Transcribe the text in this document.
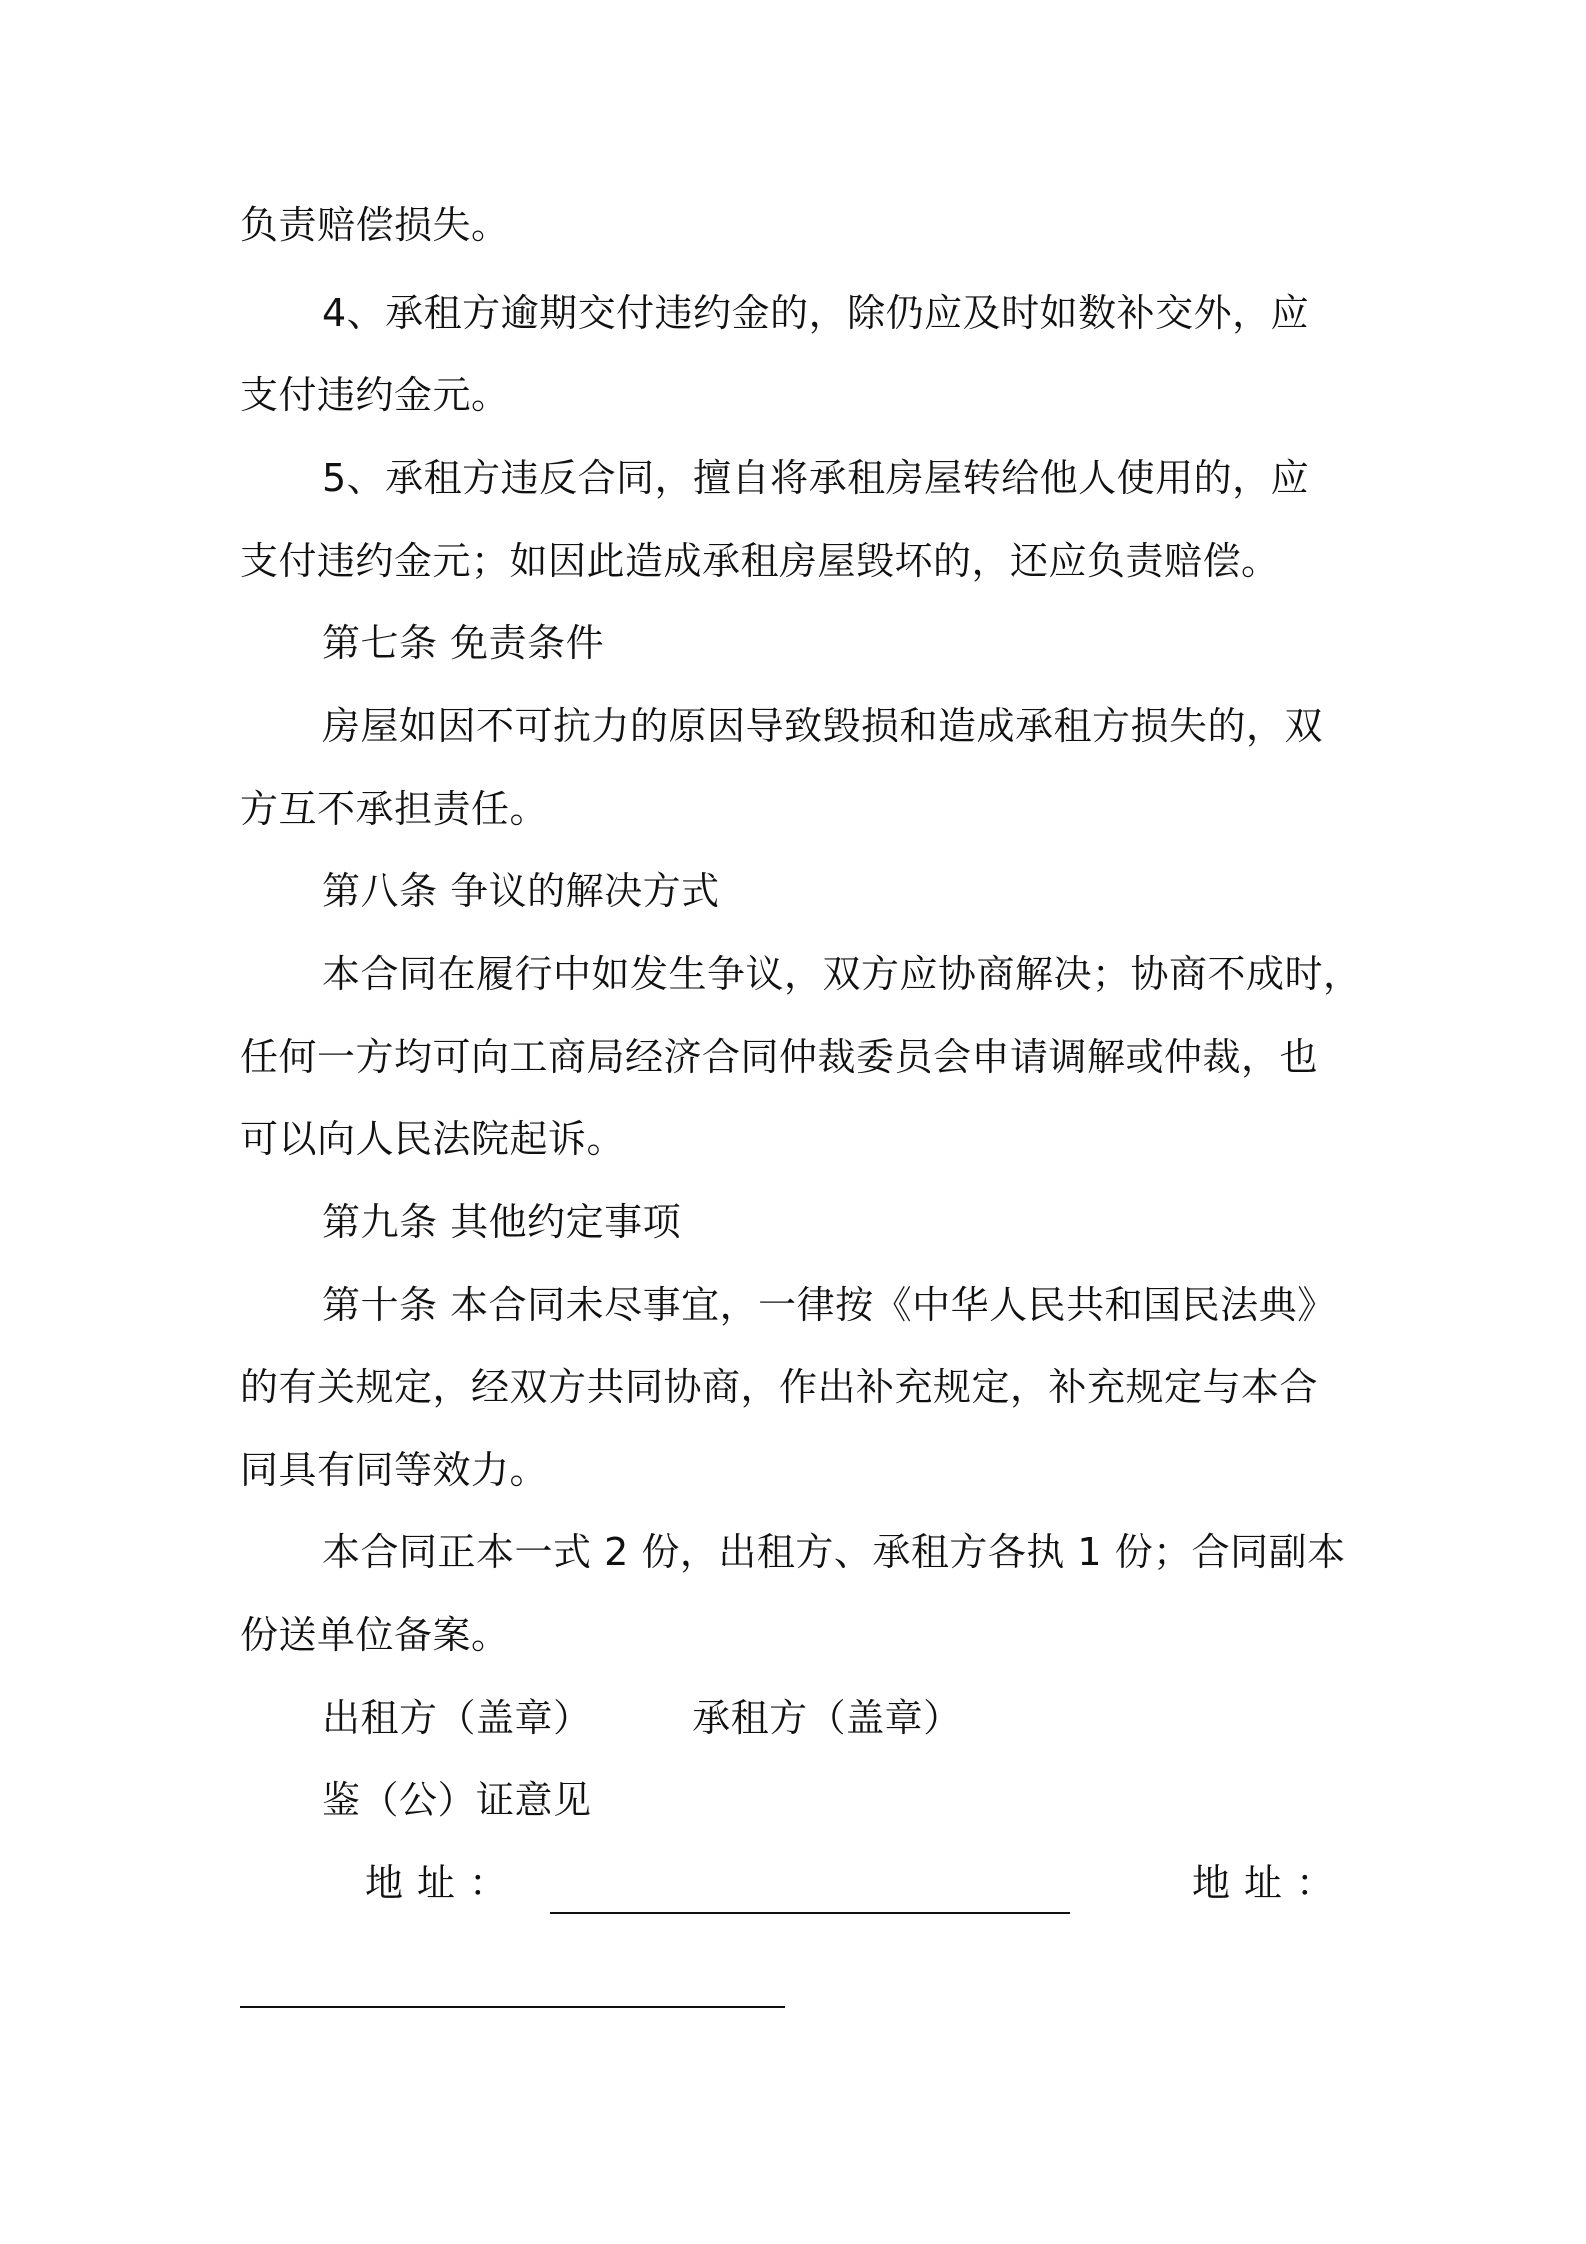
负责赔偿损失。
4、承租方逾期交付违约金的，除仍应及时如数补交外，应
支付违约金元。
5、承租方违反合同，擅自将承租房屋转给他人使用的，应
支付违约金元；如因此造成承租房屋毁坏的，还应负责赔偿。
第七条 免责条件
房屋如因不可抗力的原因导致毁损和造成承租方损失的，双
方互不承担责任。
第八条 争议的解决方式
本合同在履行中如发生争议，双方应协商解决；协商不成时，
任何一方均可向工商局经济合同仲裁委员会申请调解或仲裁，也
可以向人民法院起诉。
第九条 其他约定事项
第十条 本合同未尽事宜，一律按《中华人民共和国民法典》
的有关规定，经双方共同协商，作出补充规定，补充规定与本合
同具有同等效力。
本合同正本一式 2 份，出租方、承租方各执 1 份；合同副本
份送单位备案。
出租方（盖章）        承租方（盖章）
鉴（公）证意见
地址：	地址：
